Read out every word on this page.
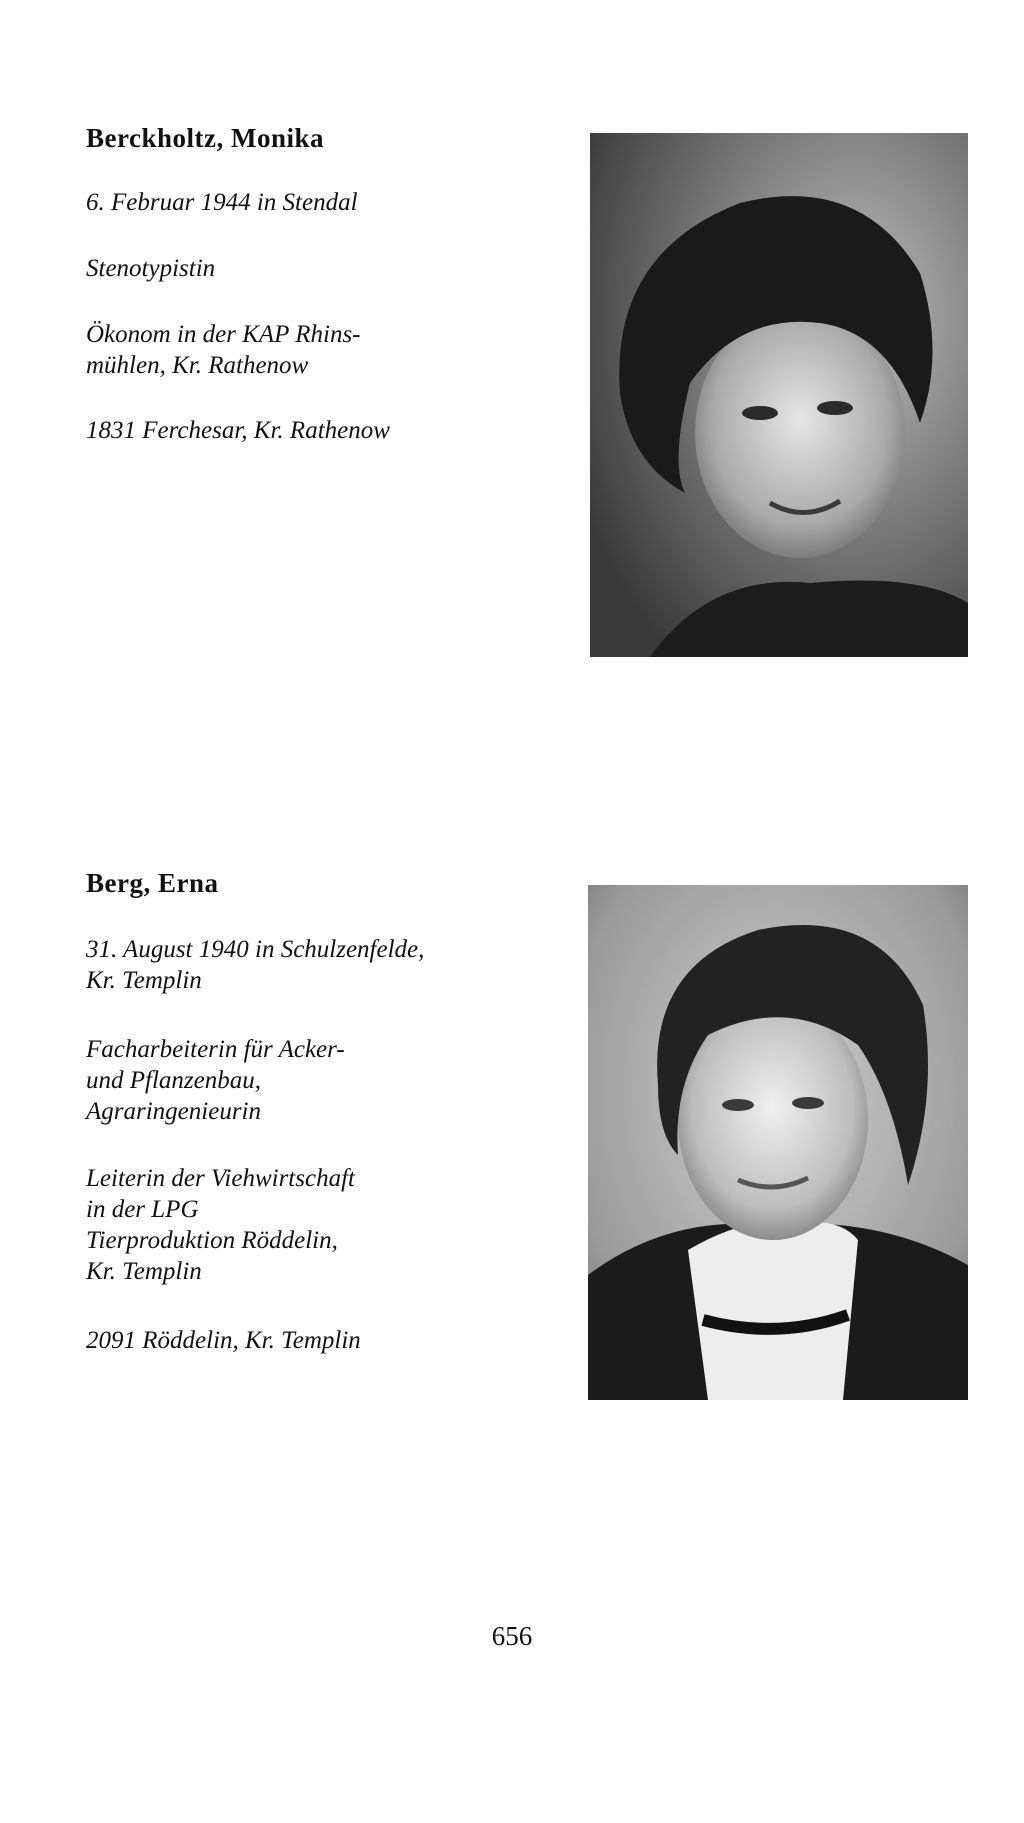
Berckholtz, Monika

6. Februar 1944 in Stendal

Stenotypistin

Ökonom in der KAP Rhins-
mühlen, Kr. Rathenow

1831 Ferchesar, Kr. Rathenow

Berg, Erna

31. August 1940 in Schulzenfelde,
Kr. Templin

Facharbeiterin für Acker-
und Pflanzenbau,
Agraringenieurin

Leiterin der Viehwirtschaft
in der LPG
Tierproduktion Röddelin,
Kr. Templin

2091 Röddelin, Kr. Templin

656
